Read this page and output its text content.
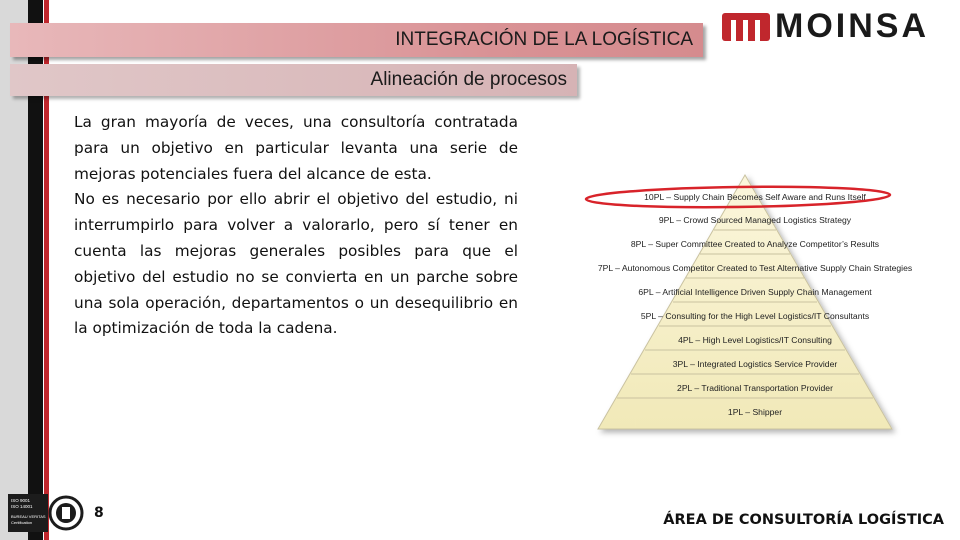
INTEGRACIÓN DE LA LOGÍSTICA
Alineación de procesos
MOINSA

La gran mayoría de veces, una consultoría contratada para un objetivo en particular levanta una serie de mejoras potenciales fuera del alcance de esta.

No es necesario por ello abrir el objetivo del estudio, ni interrumpirlo para volver a valorarlo, pero sí tener en cuenta las mejoras generales posibles para que el objetivo del estudio no se convierta en un parche sobre una sola operación, departamentos o un desequilibrio en la optimización de toda la cadena.

10PL – Supply Chain Becomes Self Aware and Runs Itself
9PL – Crowd Sourced Managed Logistics Strategy
8PL – Super Committee Created to Analyze Competitor’s Results
7PL – Autonomous Competitor Created to Test Alternative Supply Chain Strategies
6PL – Artificial Intelligence Driven Supply Chain Management
5PL – Consulting for the High Level Logistics/IT Consultants
4PL – High Level Logistics/IT Consulting
3PL – Integrated Logistics Service Provider
2PL – Traditional Transportation Provider
1PL – Shipper
ISO 9001
ISO 14001
BUREAU VERITAS
Certification
8	ÁREA DE CONSULTORÍA LOGÍSTICA
